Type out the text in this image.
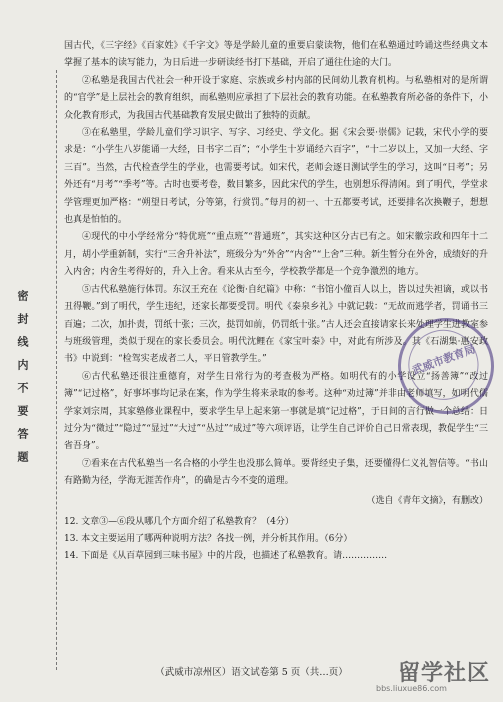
密封线内不要答题

国古代，《三字经》《百家姓》《千字文》等是学龄儿童的重要启蒙读物，他们在私塾通过吟诵这些经典文本掌握了基本的读写能力，为日后进一步研读经书打下基础，开启了通往仕途的大门。

②私塾是我国古代社会一种开设于家庭、宗族或乡村内部的民间幼儿教育机构。与私塾相对的是所谓的“官学”是上层社会的教育组织，而私塾则应承担了下层社会的教育功能。在私塾教育所必备的条件下，小众化教育形式，为我国古代基础教育发展史做出了独特的贡献。

③在私塾里，学龄儿童们学习识字、写字、习经史、学文化。据《宋会要·崇儒》记载，宋代小学的要求是：“小学生八岁能诵一大经，日书字二百”；“小学生十岁诵经六百字”，“十二岁以上，又加一大经、字三百”。当然，古代检查学生的学业，也需要考试。如宋代，老师会逐日测试学生的学习，这叫“日考”；另外还有“月考”“季考”等。古时也要考卷，数目繁多，因此宋代的学生，也别想乐得清闲。到了明代，学堂求学管理更加严格：“朔望日考试，分等第，行赏罚。”每月的初一、十五都要考试，还要排名次换鞭子，想想也真是怕怕的。

④现代的中小学经常分“特优班”“重点班”“普通班”，其实这种区分古已有之。如宋徽宗政和四年十二月，胡小学重新制，实行“三舍升补法”，班级分为“外舍”“内舍”“上舍”三种。新生暂分在外舍，成绩好的升入内舍；内舍生考得好的，升入上舍。看来从古至今，学校教学都是一个竞争激烈的地方。

⑤古代私塾施行体罚。东汉王充在《论衡·自纪篇》中称：“书馆小僮百人以上，皆以过失袒谪，或以书丑得鞭。”到了明代，学生违纪，还家长都要受罚。明代《泰泉乡礼》中就记载：“无故而逃学者，罚诵书三百遍；二次，加扑责，罚纸十张；三次，挞罚如前，仍罚纸十张。”古人还会直接请家长来处理学生进教室参与班级管理，类似于现在的家长委员会。明代沈鲤在《家宝叶泰》中，对此有所涉及。其《石湖集·惠安政书》中说到：“检驾实老成者二人，平日管教学生。”

⑥古代私塾还很注重德育，对学生日常行为的考查极为严格。如明代有的小学设立“扬善簿”“改过簿”“记过格”，好事坏事均记录在案，作为学生将来录取的参考。这种“劝过簿”并非由老师填写，如明代儒学家刘宗周，其家塾修业课程中，要求学生早上起来第一事就是填“记过格”，于日间的言行做一个总结：日过分为“微过”“隐过”“显过”“大过”“丛过”“成过”等六项评语，让学生自己评价自己日常表现，教促学生“三省吾身”。

⑦看来在古代私塾当一名合格的小学生也没那么简单。要背经史子集，还要懂得仁义礼智信等。“书山有路勤为径，学海无涯苦作舟”，的确是古今不变的道理。

（选自《青年文摘》，有删改）
12. 文章③—⑥段从哪几个方面介绍了私塾教育？（4分）
13. 本文主要运用了哪两种说明方法？各找一例，并分析其作用。（6分）
14. 下面是《从百草园到三味书屋》中的片段，也描述了私塾教育。请……………
武威市教育局
（武威市凉州区）语文试卷第 5 页（共…页）	留学社区
bbs.liuxue86.com
